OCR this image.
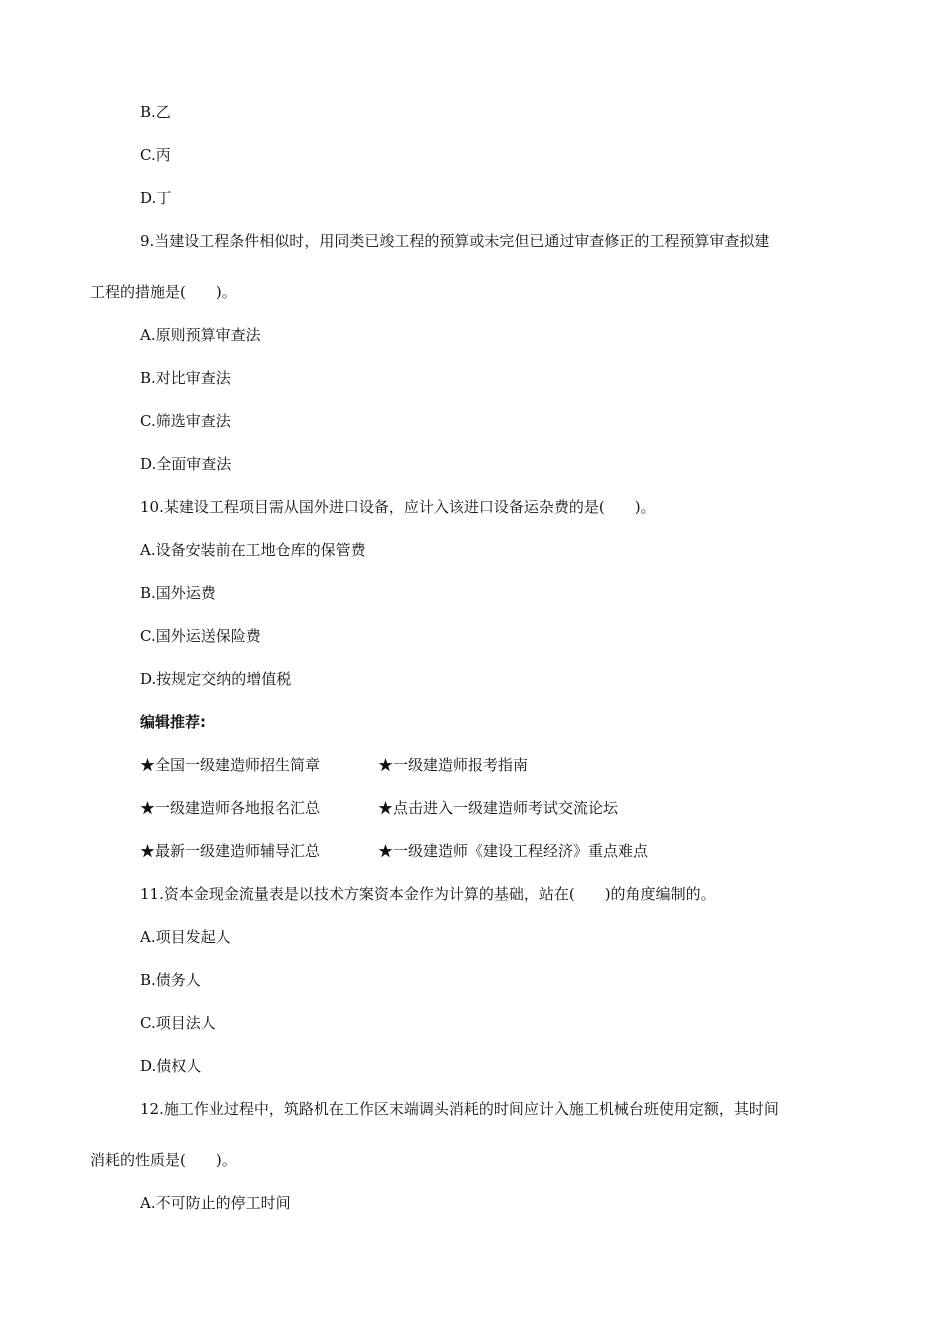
B.乙
C.丙
D.丁
9.当建设工程条件相似时，用同类已竣工程的预算或未完但已通过审查修正的工程预算审查拟建
工程的措施是(　　)。
A.原则预算审查法
B.对比审查法
C.筛选审查法
D.全面审查法
10.某建设工程项目需从国外进口设备，应计入该进口设备运杂费的是(　　)。
A.设备安装前在工地仓库的保管费
B.国外运费
C.国外运送保险费
D.按规定交纳的增值税
编辑推荐:
★全国一级建造师招生简章	★一级建造师报考指南
★一级建造师各地报名汇总	★点击进入一级建造师考试交流论坛
★最新一级建造师辅导汇总	★一级建造师《建设工程经济》重点难点
11.资本金现金流量表是以技术方案资本金作为计算的基础，站在(　　)的角度编制的。
A.项目发起人
B.债务人
C.项目法人
D.债权人
12.施工作业过程中，筑路机在工作区末端调头消耗的时间应计入施工机械台班使用定额，其时间
消耗的性质是(　　)。
A.不可防止的停工时间
